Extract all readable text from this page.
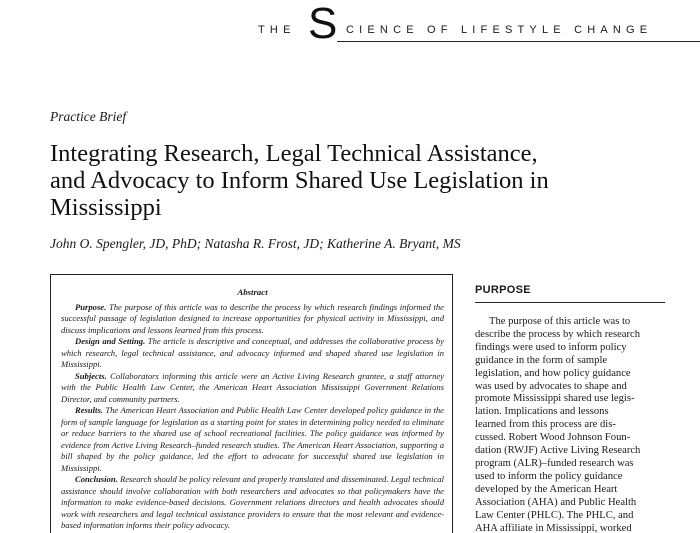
THE S CIENCE OF LIFESTYLE CHANGE
Practice Brief
Integrating Research, Legal Technical Assistance,
and Advocacy to Inform Shared Use Legislation in
Mississippi
John O. Spengler, JD, PhD; Natasha R. Frost, JD; Katherine A. Bryant, MS
Abstract

Purpose. The purpose of this article was to describe the process by which research findings informed the successful passage of legislation designed to increase opportunities for physical activity in Mississippi, and discuss implications and lessons learned from this process.

Design and Setting. The article is descriptive and conceptual, and addresses the collaborative process by which research, legal technical assistance, and advocacy informed and shaped shared use legislation in Mississippi.

Subjects. Collaborators informing this article were an Active Living Research grantee, a staff attorney with the Public Health Law Center, the American Heart Association Mississippi Government Relations Director, and community partners.

Results. The American Heart Association and Public Health Law Center developed policy guidance in the form of sample language for legislation as a starting point for states in determining policy needed to eliminate or reduce barriers to the shared use of school recreational facilities. The policy guidance was informed by evidence from Active Living Research–funded research studies. The American Heart Association, supporting a bill shaped by the policy guidance, led the effort to advocate for successful shared use legislation in Mississippi.

Conclusion. Research should be policy relevant and properly translated and disseminated. Legal technical assistance should involve collaboration with both researchers and advocates so that policymakers have the information to make evidence-based decisions. Government relations directors and health advocates should work with researchers and legal technical assistance providers to ensure that the most relevant and evidence-based information informs their policy advocacy.

PURPOSE

The purpose of this article was to
describe the process by which research
findings were used to inform policy
guidance in the form of sample
legislation, and how policy guidance
was used by advocates to shape and
promote Mississippi shared use legis-
lation. Implications and lessons
learned from this process are dis-
cussed. Robert Wood Johnson Foun-
dation (RWJF) Active Living Research
program (ALR)–funded research was
used to inform the policy guidance
developed by the American Heart
Association (AHA) and Public Health
Law Center (PHLC). The PHLC, and
AHA affiliate in Mississippi, worked
